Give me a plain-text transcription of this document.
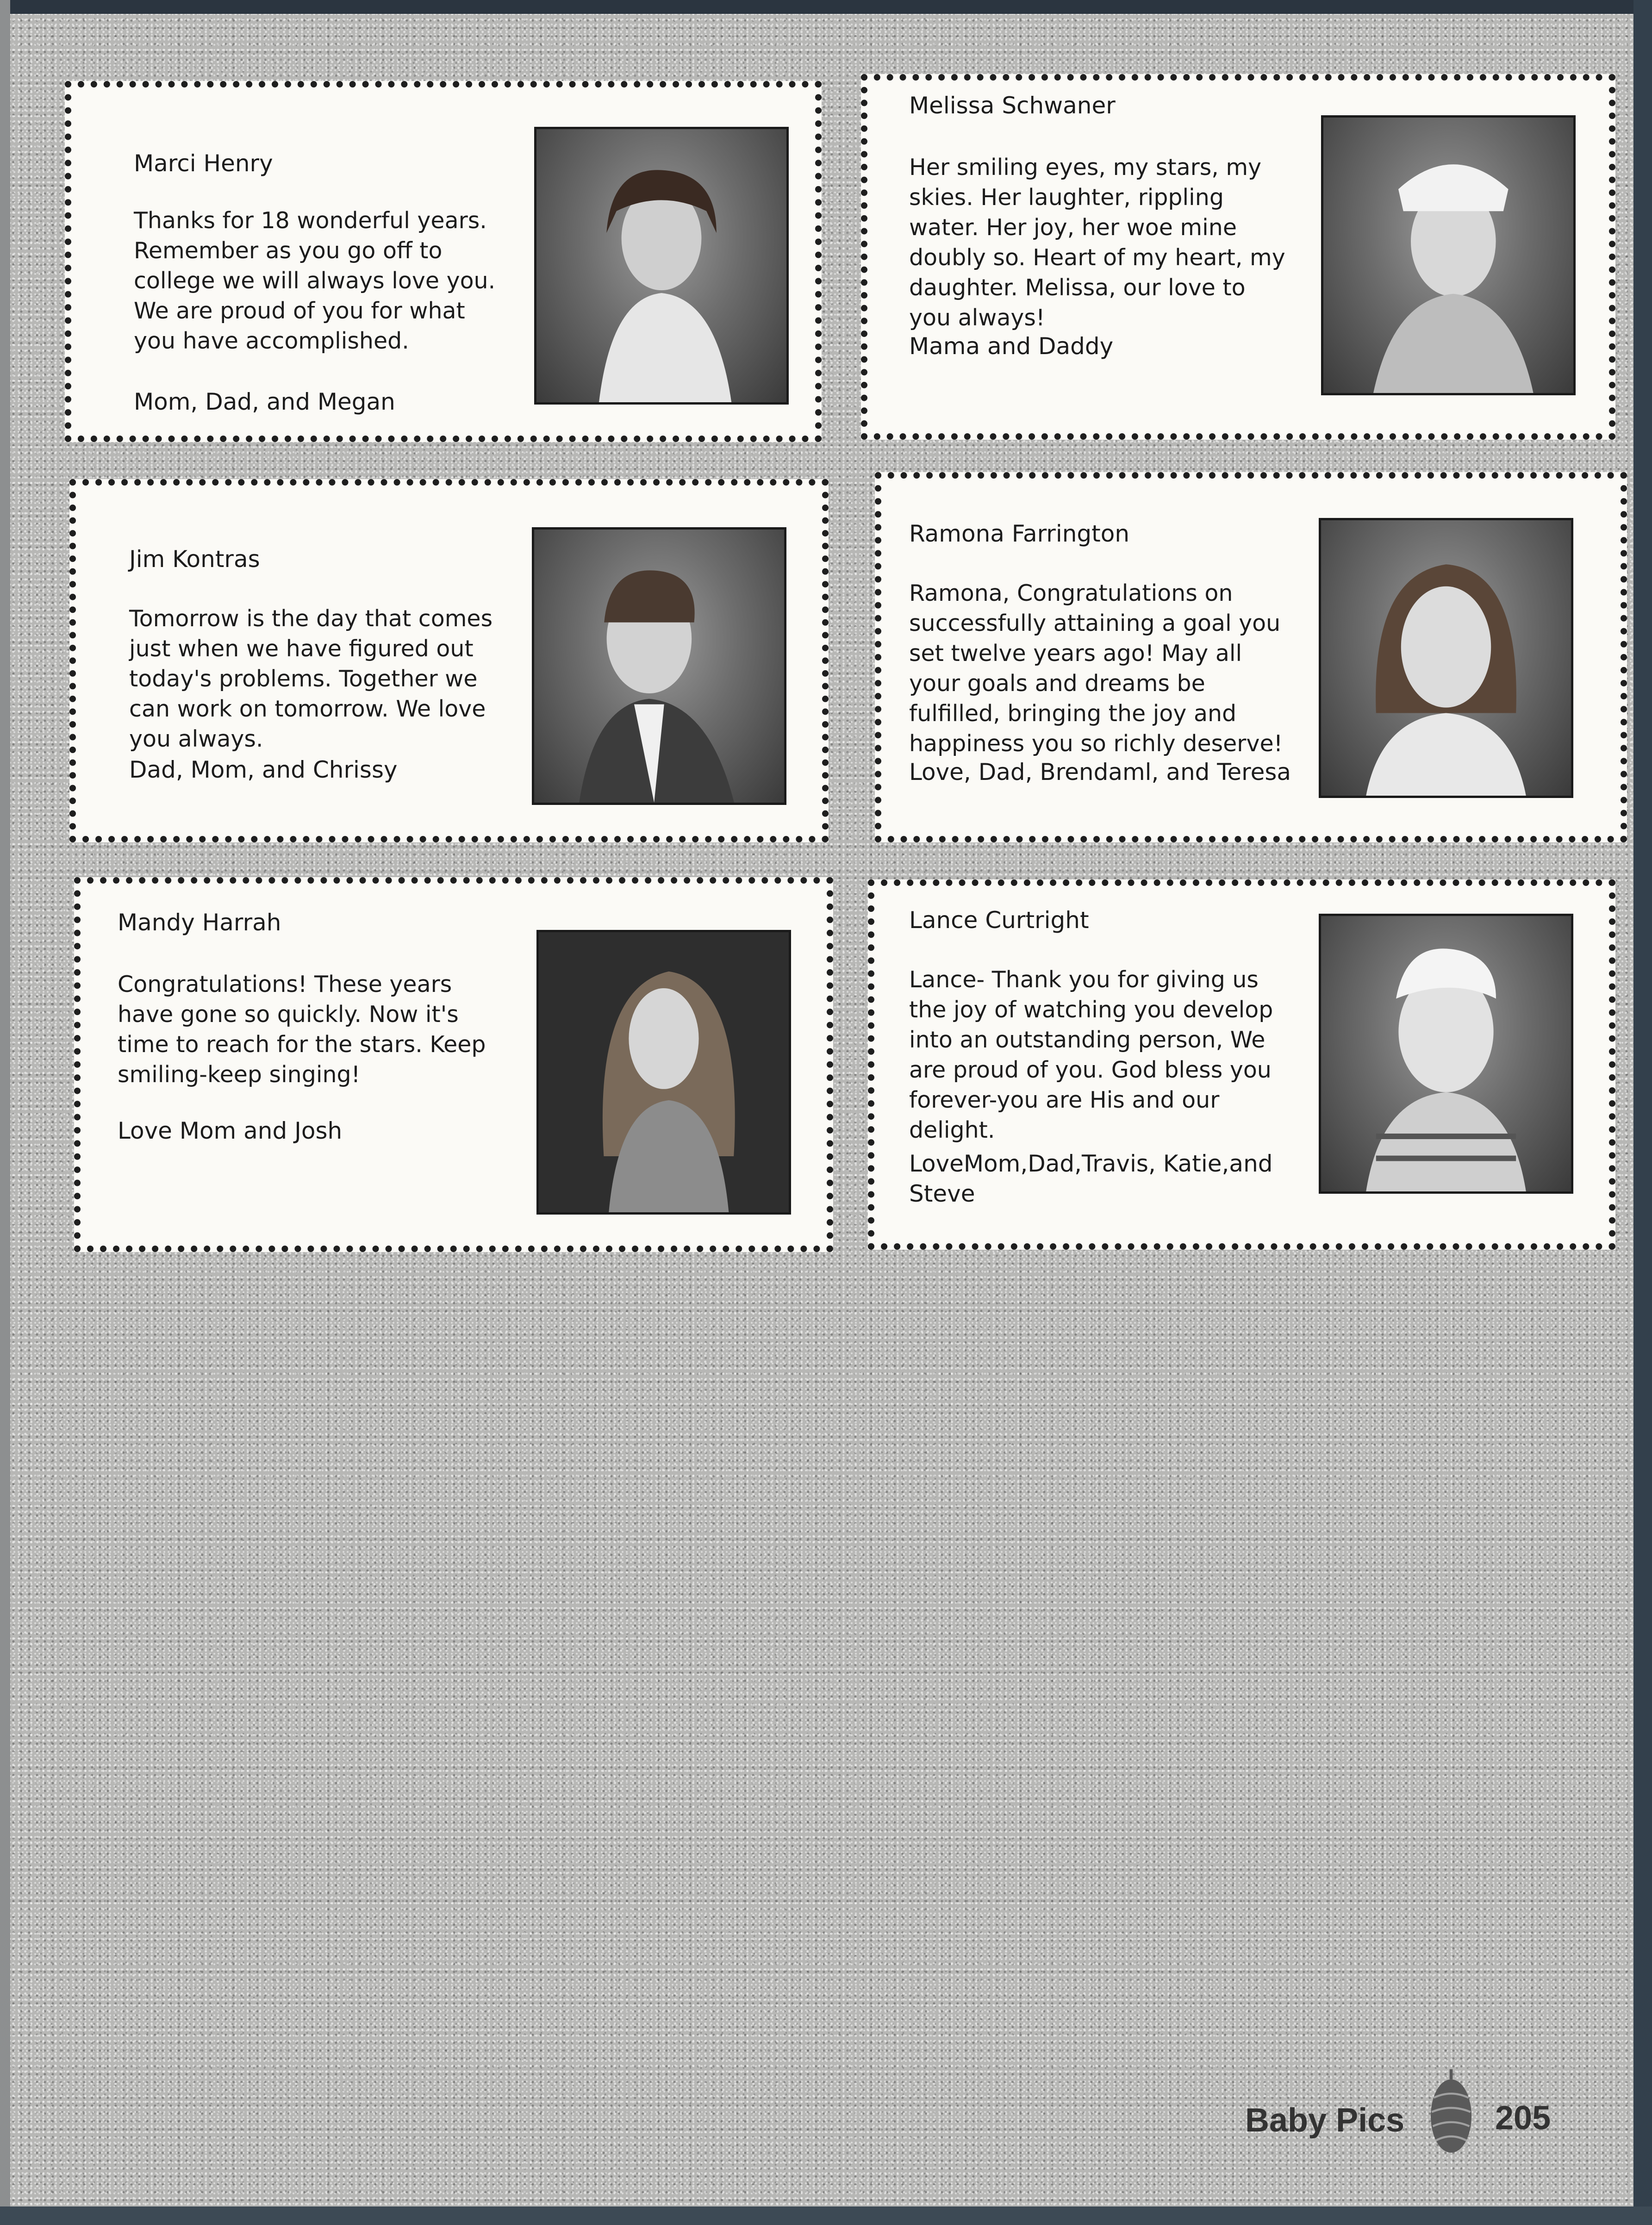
Marci Henry

Thanks for 18 wonderful years. Remember as you go off to college we will always love you. We are proud of you for what you have accomplished.

Mom, Dad, and Megan

Melissa Schwaner

Her smiling eyes, my stars, my skies. Her laughter, rippling water. Her joy, her woe mine doubly so. Heart of my heart, my daughter. Melissa, our love to you always!

Mama and Daddy

Jim Kontras

Tomorrow is the day that comes just when we have figured out today's problems. Together we can work on tomorrow. We love you always.

Dad, Mom, and Chrissy

Ramona Farrington

Ramona, Congratulations on successfully attaining a goal you set twelve years ago! May all your goals and dreams be fulfilled, bringing the joy and happiness you so richly deserve!

Love, Dad, Brendaml, and Teresa

Mandy Harrah

Congratulations! These years have gone so quickly. Now it's time to reach for the stars. Keep smiling-keep singing!

Love Mom and Josh

Lance Curtright

Lance- Thank you for giving us the joy of watching you develop into an outstanding person, We are proud of you. God bless you forever-you are His and our delight.

LoveMom,Dad,Travis, Katie,and Steve

Baby Pics	205
